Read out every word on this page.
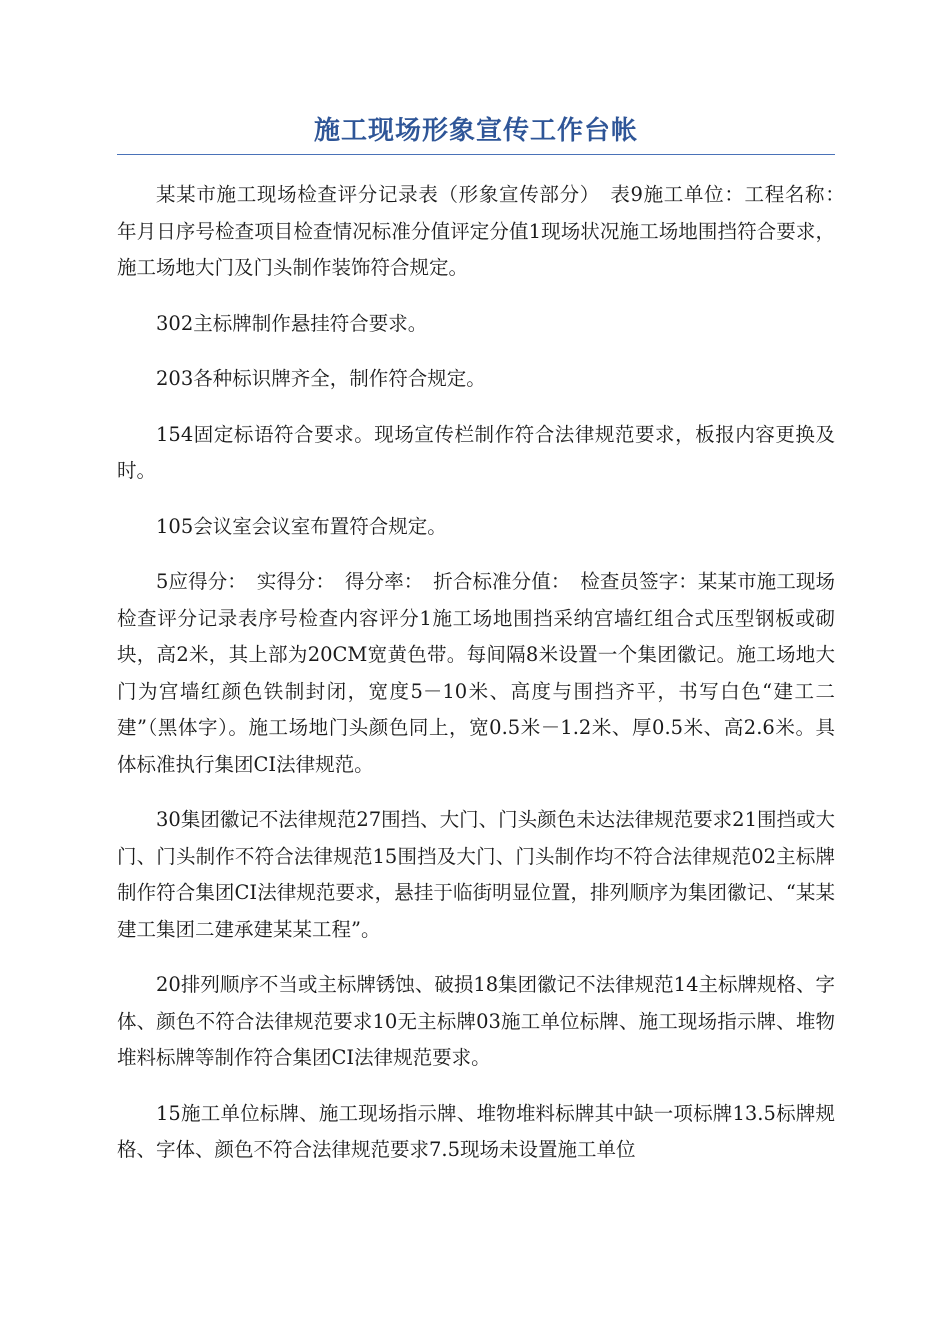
施工现场形象宣传工作台帐

某某市施工现场检查评分记录表（形象宣传部分）　表9施工单位：工程名称：　年月日序号检查项目检查情况标准分值评定分值1现场状况施工场地围挡符合要求，施工场地大门及门头制作装饰符合规定。

302主标牌制作悬挂符合要求。

203各种标识牌齐全，制作符合规定。

154固定标语符合要求。现场宣传栏制作符合法律规范要求，板报内容更换及时。

105会议室会议室布置符合规定。

5应得分：　实得分：　得分率：　折合标准分值：　检查员签字：某某市施工现场检查评分记录表序号检查内容评分1施工场地围挡采纳宫墙红组合式压型钢板或砌块，高2米，其上部为20CM宽黄色带。每间隔8米设置一个集团徽记。施工场地大门为宫墙红颜色铁制封闭，宽度5－10米、高度与围挡齐平，书写白色“建工二建”（黑体字）。施工场地门头颜色同上，宽0.5米－1.2米、厚0.5米、高2.6米。具体标准执行集团CI法律规范。

30集团徽记不法律规范27围挡、大门、门头颜色未达法律规范要求21围挡或大门、门头制作不符合法律规范15围挡及大门、门头制作均不符合法律规范02主标牌制作符合集团CI法律规范要求，悬挂于临街明显位置，排列顺序为集团徽记、“某某建工集团二建承建某某工程”。

20排列顺序不当或主标牌锈蚀、破损18集团徽记不法律规范14主标牌规格、字体、颜色不符合法律规范要求10无主标牌03施工单位标牌、施工现场指示牌、堆物堆料标牌等制作符合集团CI法律规范要求。

15施工单位标牌、施工现场指示牌、堆物堆料标牌其中缺一项标牌13.5标牌规格、字体、颜色不符合法律规范要求7.5现场未设置施工单位
